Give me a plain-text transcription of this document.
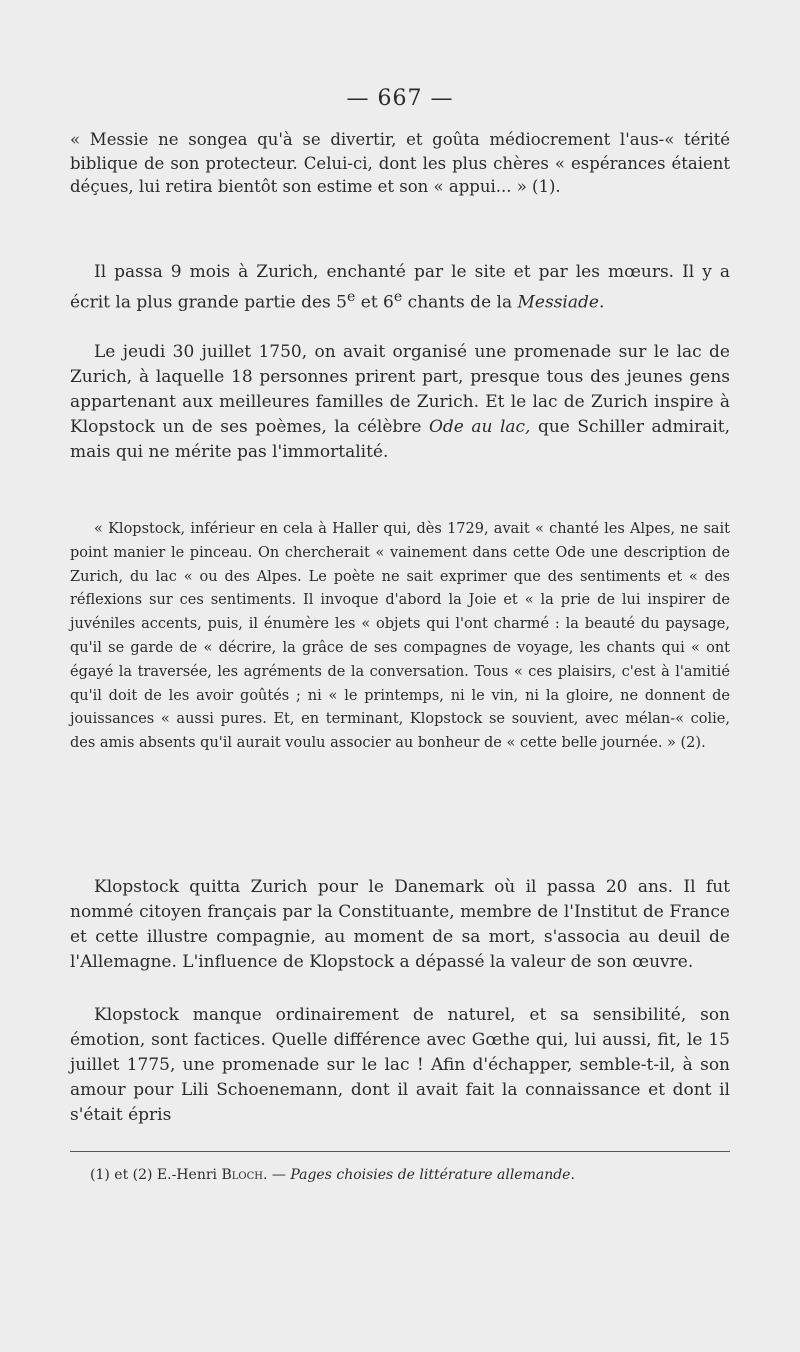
— 667 —

« Messie ne songea qu'à se divertir, et goûta médiocrement l'aus-« térité biblique de son protecteur. Celui-ci, dont les plus chères « espérances étaient déçues, lui retira bientôt son estime et son « appui... » (1).

Il passa 9 mois à Zurich, enchanté par le site et par les mœurs. Il y a écrit la plus grande partie des 5e et 6e chants de la Messiade.

Le jeudi 30 juillet 1750, on avait organisé une promenade sur le lac de Zurich, à laquelle 18 personnes prirent part, presque tous des jeunes gens appartenant aux meilleures familles de Zurich. Et le lac de Zurich inspire à Klopstock un de ses poèmes, la célèbre Ode au lac, que Schiller admirait, mais qui ne mérite pas l'immortalité.

« Klopstock, inférieur en cela à Haller qui, dès 1729, avait « chanté les Alpes, ne sait point manier le pinceau. On chercherait « vainement dans cette Ode une description de Zurich, du lac « ou des Alpes. Le poète ne sait exprimer que des sentiments et « des réflexions sur ces sentiments. Il invoque d'abord la Joie et « la prie de lui inspirer de juvéniles accents, puis, il énumère les « objets qui l'ont charmé : la beauté du paysage, qu'il se garde de « décrire, la grâce de ses compagnes de voyage, les chants qui « ont égayé la traversée, les agréments de la conversation. Tous « ces plaisirs, c'est à l'amitié qu'il doit de les avoir goûtés ; ni « le printemps, ni le vin, ni la gloire, ne donnent de jouissances « aussi pures. Et, en terminant, Klopstock se souvient, avec mélan-« colie, des amis absents qu'il aurait voulu associer au bonheur de « cette belle journée. » (2).

Klopstock quitta Zurich pour le Danemark où il passa 20 ans. Il fut nommé citoyen français par la Constituante, membre de l'Institut de France et cette illustre compagnie, au moment de sa mort, s'associa au deuil de l'Allemagne. L'influence de Klopstock a dépassé la valeur de son œuvre.

Klopstock manque ordinairement de naturel, et sa sensibilité, son émotion, sont factices. Quelle différence avec Gœthe qui, lui aussi, fit, le 15 juillet 1775, une promenade sur le lac ! Afin d'échapper, semble-t-il, à son amour pour Lili Schoenemann, dont il avait fait la connaissance et dont il s'était épris

(1) et (2) E.-Henri Bloch. — Pages choisies de littérature allemande.
